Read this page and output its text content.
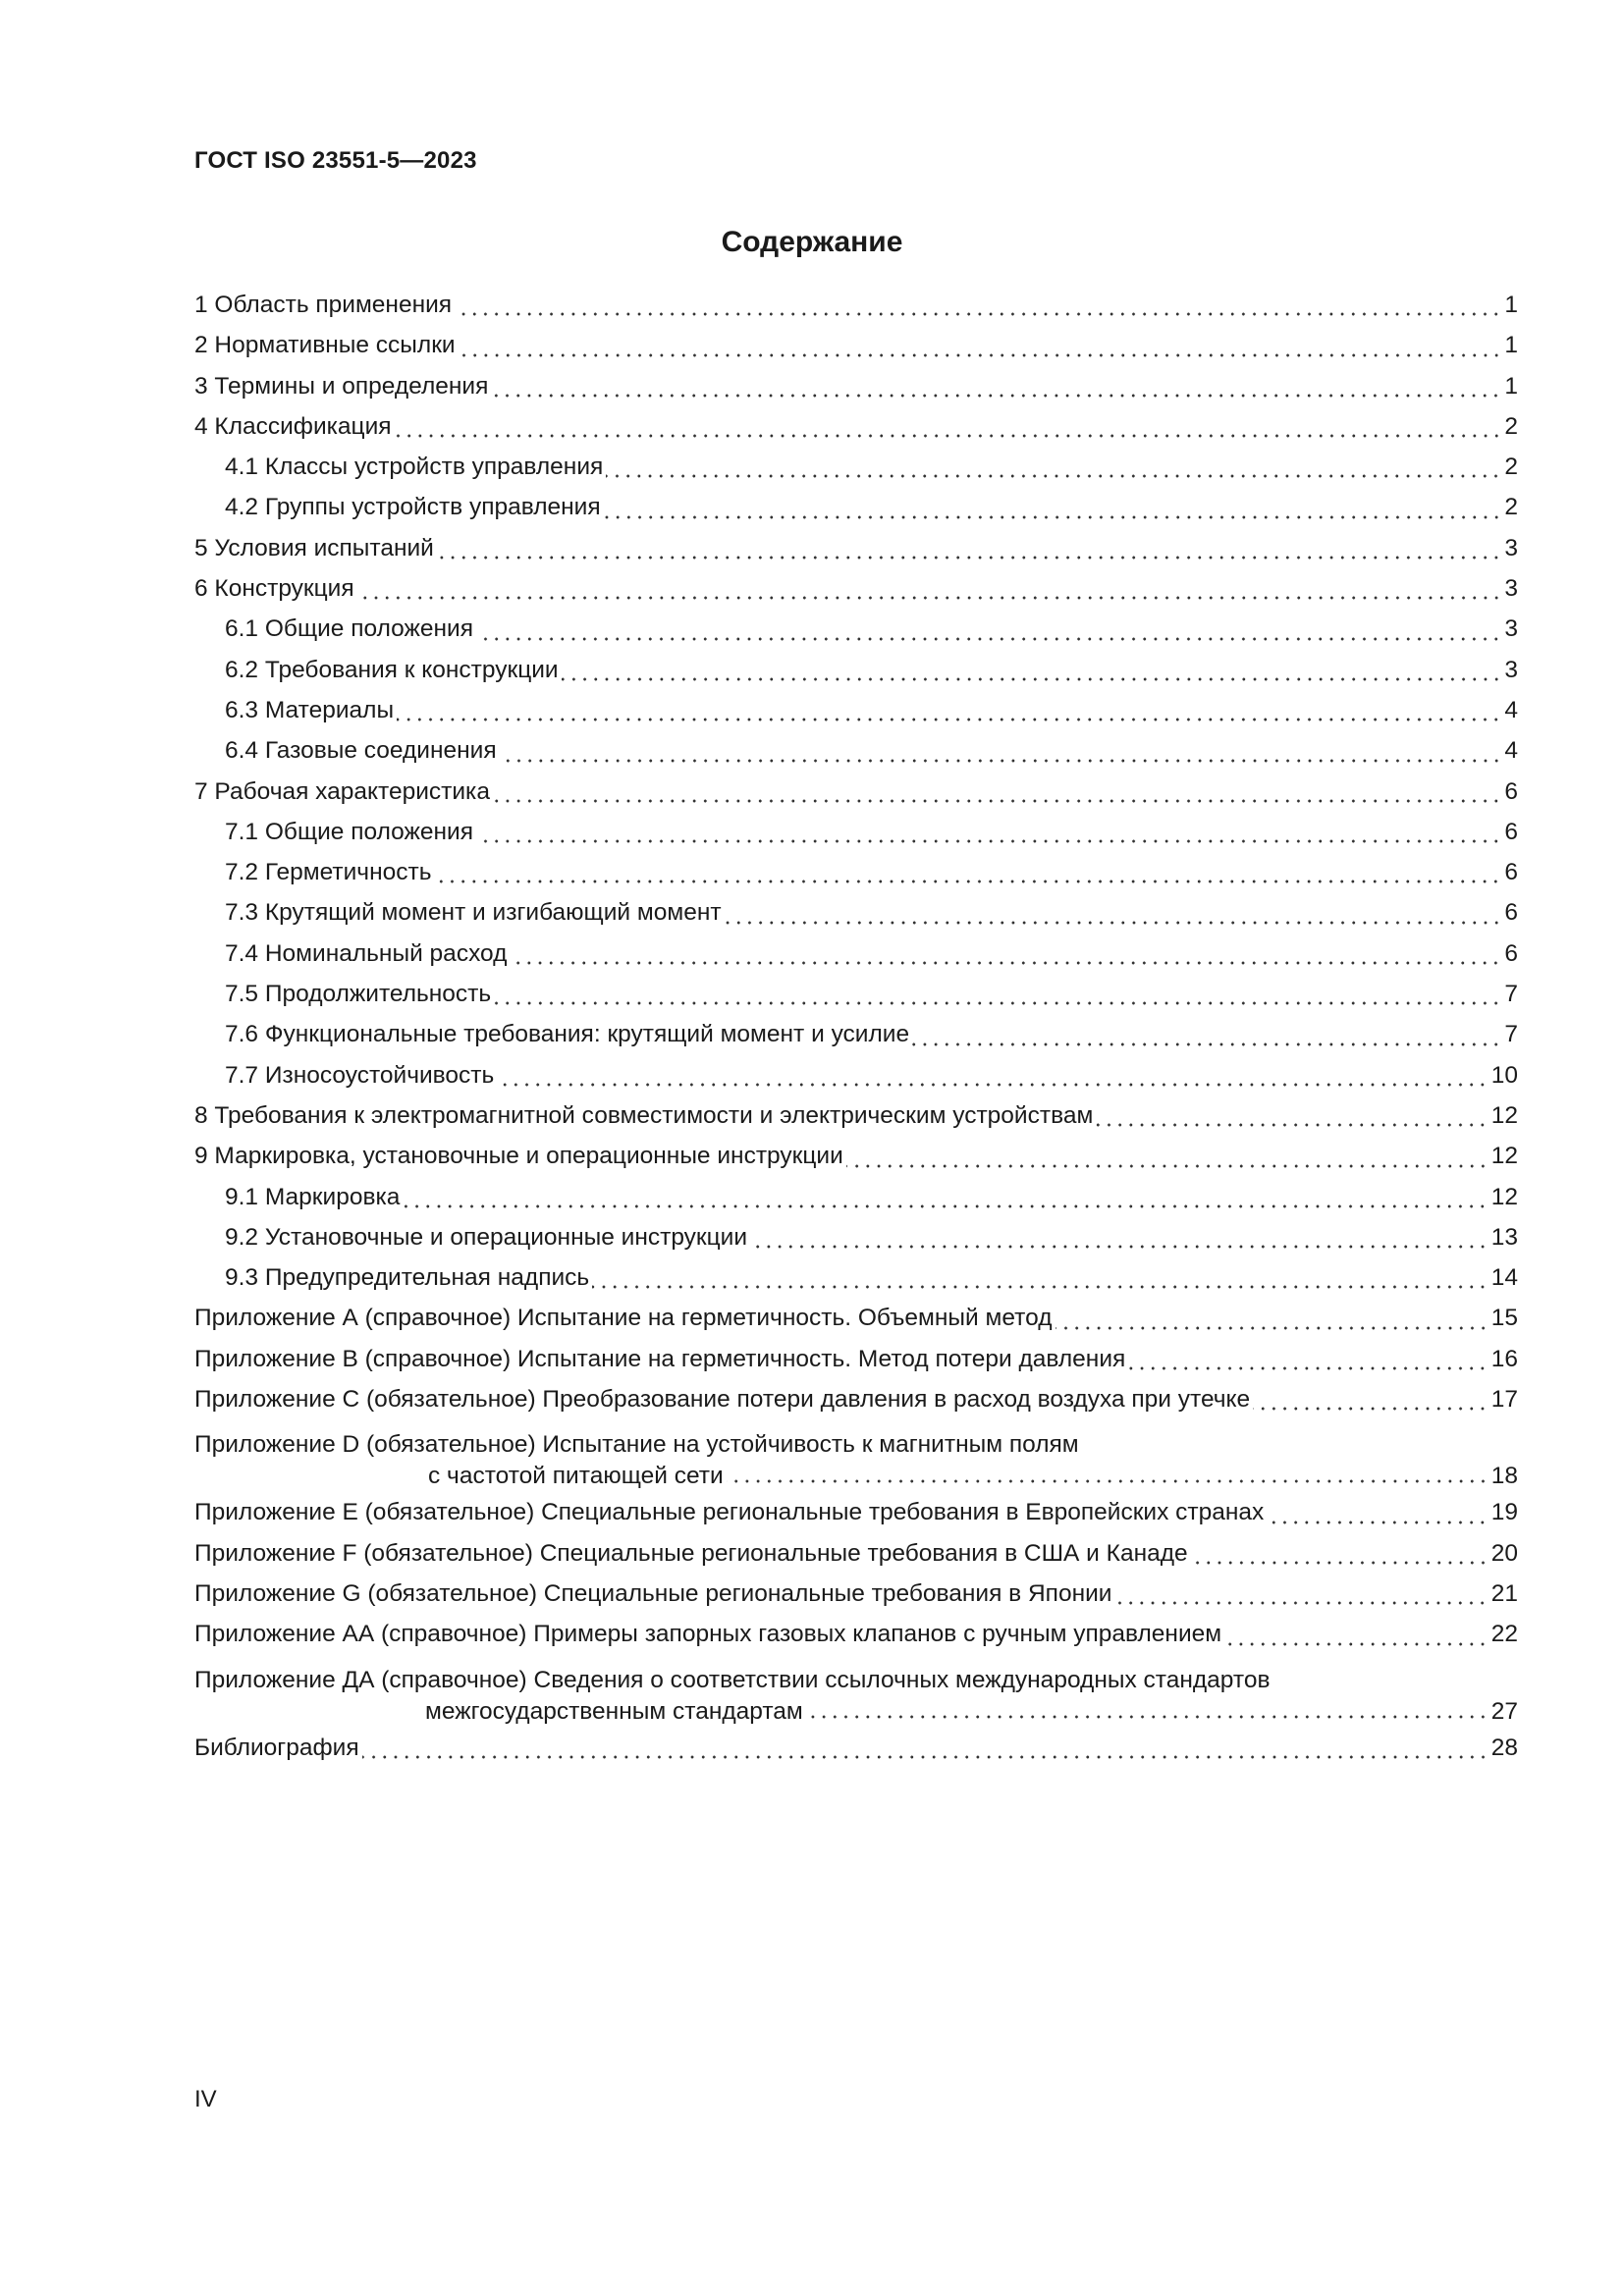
ГОСТ ISO 23551-5—2023
Содержание
1 Область применения	1
2 Нормативные ссылки	1
3 Термины и определения	1
4 Классификация	2
4.1 Классы устройств управления	2
4.2 Группы устройств управления	2
5 Условия испытаний	3
6 Конструкция	3
6.1 Общие положения	3
6.2 Требования к конструкции	3
6.3 Материалы	4
6.4 Газовые соединения	4
7 Рабочая характеристика	6
7.1 Общие положения	6
7.2 Герметичность	6
7.3 Крутящий момент и изгибающий момент	6
7.4 Номинальный расход	6
7.5 Продолжительность	7
7.6 Функциональные требования: крутящий момент и усилие	7
7.7 Износоустойчивость	10
8 Требования к электромагнитной совместимости и электрическим устройствам	12
9 Маркировка, установочные и операционные инструкции	12
9.1 Маркировка	12
9.2 Установочные и операционные инструкции	13
9.3 Предупредительная надпись	14
Приложение А (справочное) Испытание на герметичность. Объемный метод	15
Приложение В (справочное) Испытание на герметичность. Метод потери давления	16
Приложение С (обязательное) Преобразование потери давления в расход воздуха при утечке	17
Приложение D (обязательное) Испытание на устойчивость к магнитным полям
с частотой питающей сети	18
Приложение E (обязательное) Специальные региональные требования в Европейских странах	19
Приложение F (обязательное) Специальные региональные требования в США и Канаде	20
Приложение G (обязательное) Специальные региональные требования в Японии	21
Приложение АА (справочное) Примеры запорных газовых клапанов с ручным управлением	22
Приложение ДА (справочное) Сведения о соответствии ссылочных международных стандартов
межгосударственным стандартам	27
Библиография	28
IV
